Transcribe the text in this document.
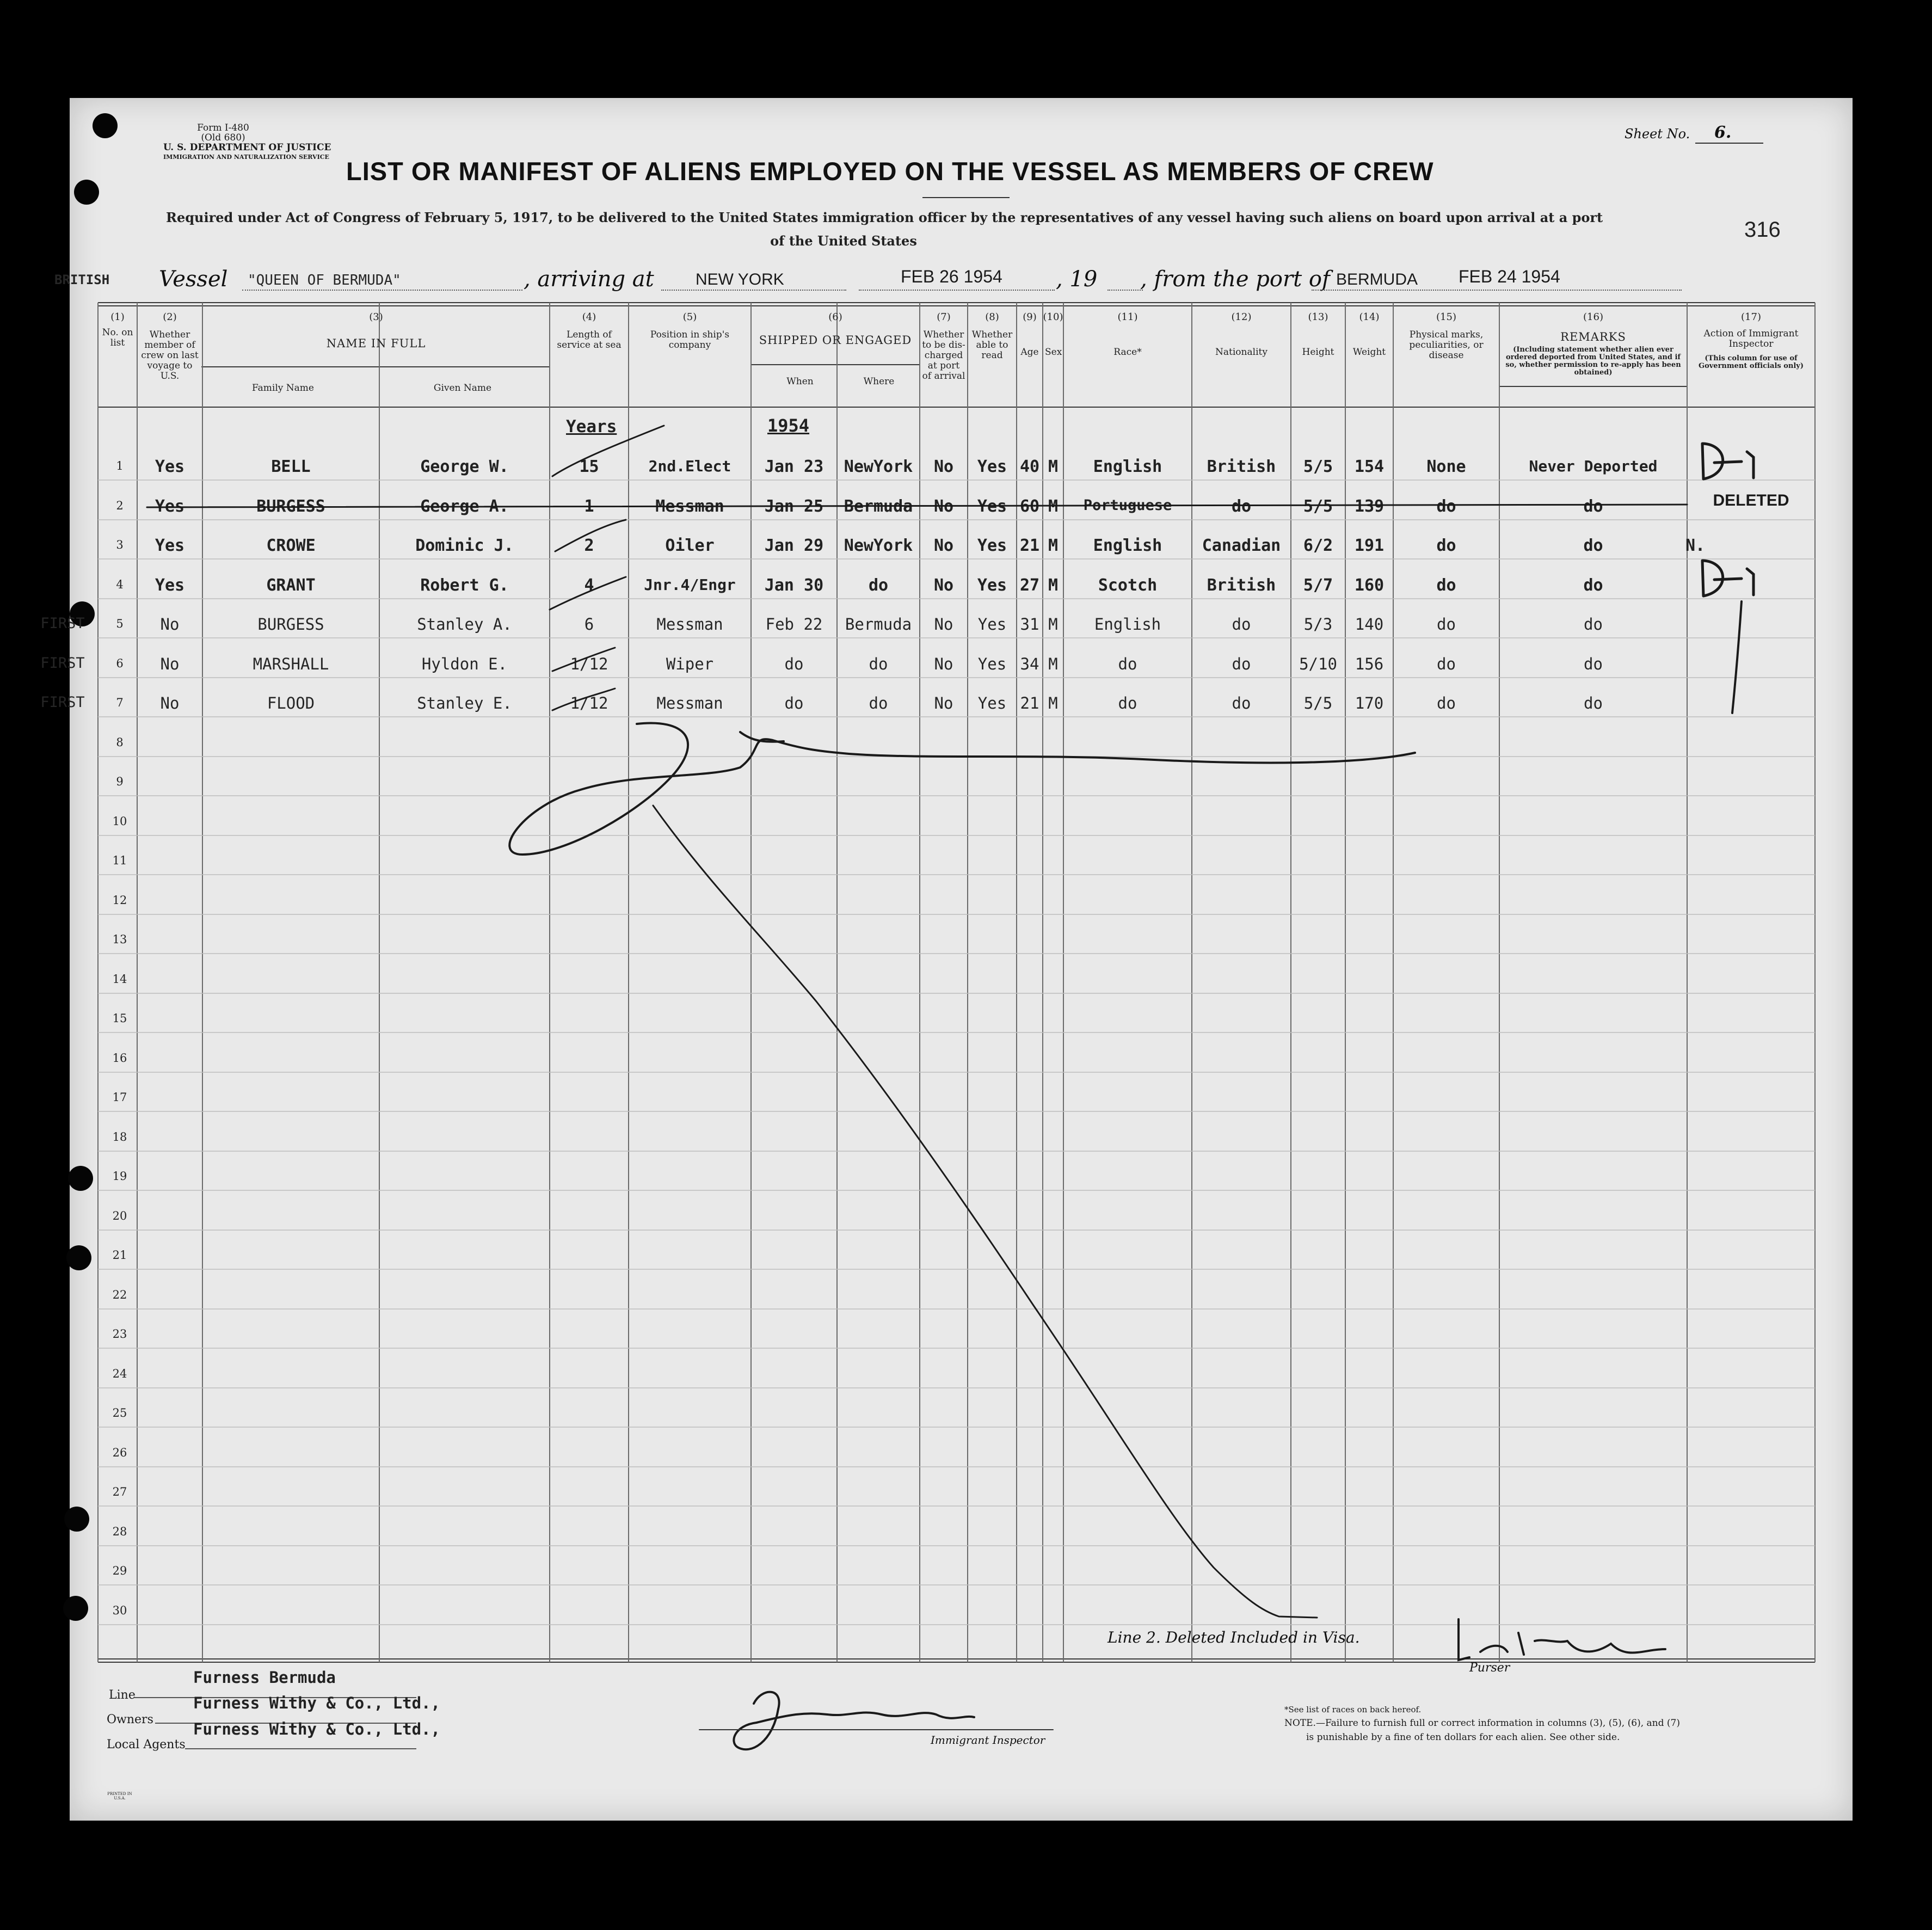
Form I-480
(Old 680)
U. S. DEPARTMENT OF JUSTICE
IMMIGRATION AND NATURALIZATION SERVICE
Sheet No. 6.
LIST OR MANIFEST OF ALIENS EMPLOYED ON THE VESSEL AS MEMBERS OF CREW
Required under Act of Congress of February 5, 1917, to be delivered to the United States immigration officer by the representatives of any vessel having such aliens on board upon arrival at a port
of the United States	316
BRITISH Vessel "QUEEN OF BERMUDA"	, arriving at	NEW YORK	FEB 26 1954 , 19 , from the port of BERMUDA FEB 24 1954
(1)
No. on list
(2)
Whether member of crew on last voyage to U.S.
(3)
NAME IN FULL
(4)
Length of service at sea
(5)
Position in ship's company
(6)
SHIPPED OR ENGAGED
(7)
Whether to be dis-charged at port of arrival
(8)
Whether able to read
(9)
Age
(10)
Sex
(11)
Race*
(12)
Nationality
(13)
Height
(14)
Weight
(15)
Physical marks, peculiarities, or disease
(16)
REMARKS
(Including statement whether alien ever ordered deported from United States, and if so, whether permission to re-apply has been obtained)
(17)
Action of Immigrant Inspector
(This column for use of Government officials only)
Family Name	Given Name
When	Where
Years	1954
1	Yes	BELL	George W.	15	2nd.Elect	Jan 23	NewYork	No	Yes 40 M	English	British	5/5	154	None	Never Deported
2	Yes	BURGESS	George A.	1	Messman	Jan 25	Bermuda	No	Yes 60 M	Portuguese	do	5/5	139	do	do	DELETED
3	Yes	CROWE	Dominic J.	2	Oiler	Jan 29	NewYork	No	Yes 21 M	English	Canadian	6/2	191	do	do	N.
4	Yes	GRANT	Robert G.	4	Jnr.4/Engr	Jan 30	do	No	Yes 27 M	Scotch	British	5/7	160	do	do
FIRST	5	No	BURGESS	Stanley A.	6	Messman	Feb 22	Bermuda	No	Yes 31 M	English	do	5/3	140	do	do
FIRST	6	No	MARSHALL	Hyldon E.	1/12	Wiper	do	do	No	Yes 34 M	do	do	5/10	156	do	do
FIRST	7	No	FLOOD	Stanley E.	1/12	Messman	do	do	No	Yes 21 M	do	do	5/5	170	do	do
8
9
10
11
12
13
14
15
16
17
18
19
20
21
22
23
24
25
26
27
28
29
30
Line 2. Deleted Included in Visa.
Purser
Line
Furness Bermuda
Owners
Furness Withy & Co., Ltd.,
Local Agents
Furness Withy & Co., Ltd.,
Immigrant Inspector
*See list of races on back hereof.
NOTE.—Failure to furnish full or correct information in columns (3), (5), (6), and (7)
is punishable by a fine of ten dollars for each alien. See other side.
PRINTED IN U.S.A.
